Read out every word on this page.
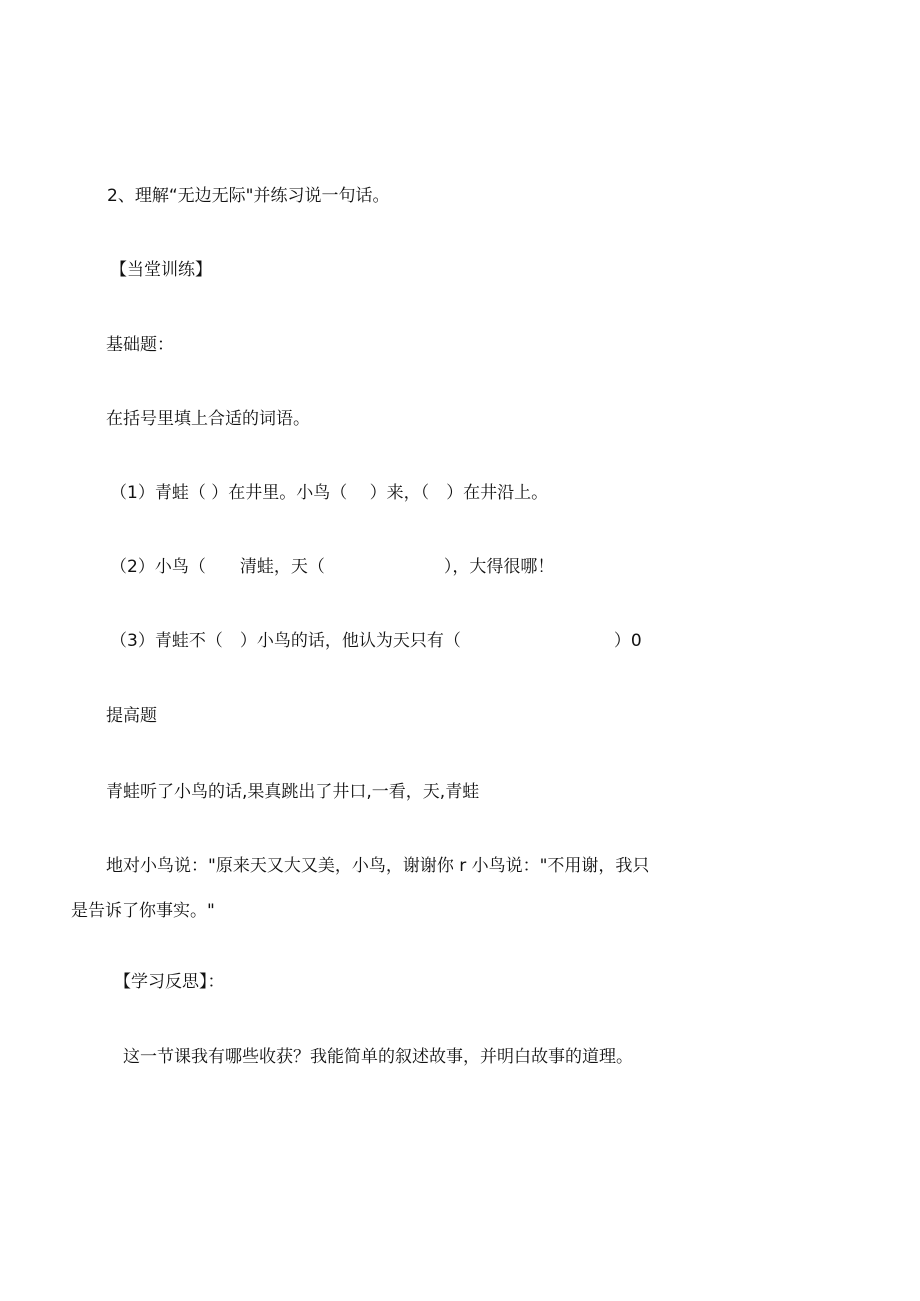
2、理解“无边无际"并练习说一句话。
【当堂训练】
基础题：
在括号里填上合适的词语。
（1）青蛙（ ）在井里。小鸟（　 ）来，（　）在井沿上。
（2）小鸟（　　清蛙，天（　　　　　　　），大得很哪！
（3）青蛙不（　）小鸟的话，他认为天只有（　　　　　　　　　）0
提高题
青蛙听了小鸟的话,果真跳出了井口,一看，天,青蛙
地对小鸟说："原来天又大又美，小鸟，谢谢你 r 小鸟说："不用谢，我只
是告诉了你事实。"
【学习反思】：
这一节课我有哪些收获？我能简单的叙述故事，并明白故事的道理。
